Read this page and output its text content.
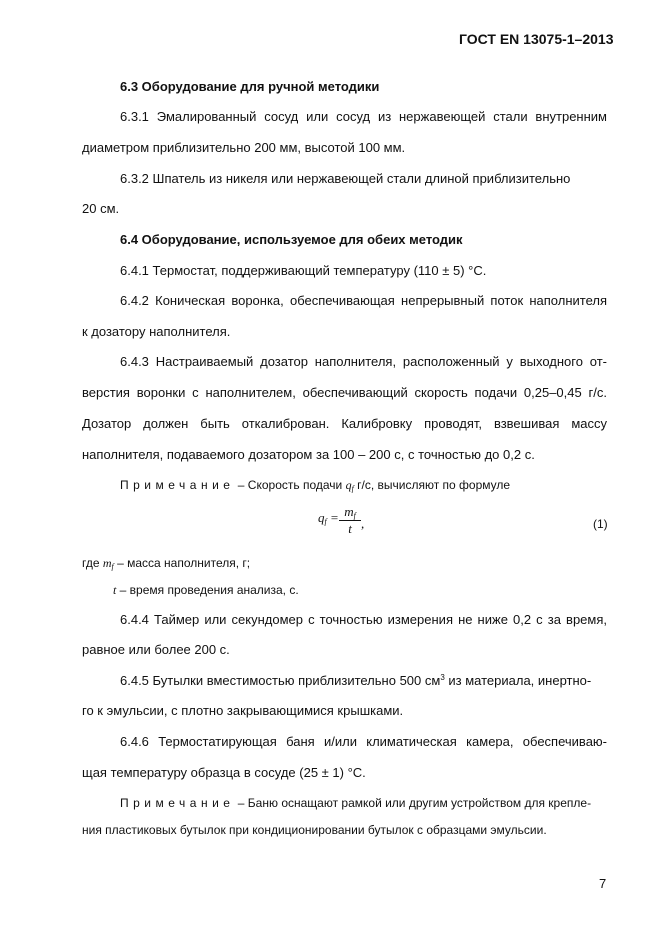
ГОСТ EN 13075-1–2013
6.3 Оборудование для ручной методики
6.3.1 Эмалированный сосуд или сосуд из нержавеющей стали внутренним
диаметром приблизительно 200 мм, высотой 100 мм.
6.3.2 Шпатель из никеля или нержавеющей стали длиной приблизительно
20 см.
6.4 Оборудование, используемое для обеих методик
6.4.1 Термостат, поддерживающий температуру (110 ± 5) °С.
6.4.2 Коническая воронка, обеспечивающая непрерывный поток наполнителя
к дозатору наполнителя.
6.4.3 Настраиваемый дозатор наполнителя, расположенный у выходного от-
верстия воронки с наполнителем, обеспечивающий скорость подачи 0,25–0,45 г/с.
Дозатор должен быть откалиброван. Калибровку проводят, взвешивая массу
наполнителя, подаваемого дозатором за 100 – 200 с, с точностью до 0,2 с.
Примечание – Скорость подачи $q_f$ г/с, вычисляют по формуле
$q_f = m_f$
t ,	(1)
где $m_f$ – масса наполнителя, г;
t – время проведения анализа, с.
6.4.4 Таймер или секундомер с точностью измерения не ниже 0,2 с за время,
равное или более 200 с.
6.4.5 Бутылки вместимостью приблизительно 500 $см^3$ из материала, инертно-
го к эмульсии, с плотно закрывающимися крышками.
6.4.6 Термостатирующая баня и/или климатическая камера, обеспечиваю-
щая температуру образца в сосуде (25 ± 1) °С.
Примечание – Баню оснащают рамкой или другим устройством для крепле-
ния пластиковых бутылок при кондиционировании бутылок с образцами эмульсии.
7
